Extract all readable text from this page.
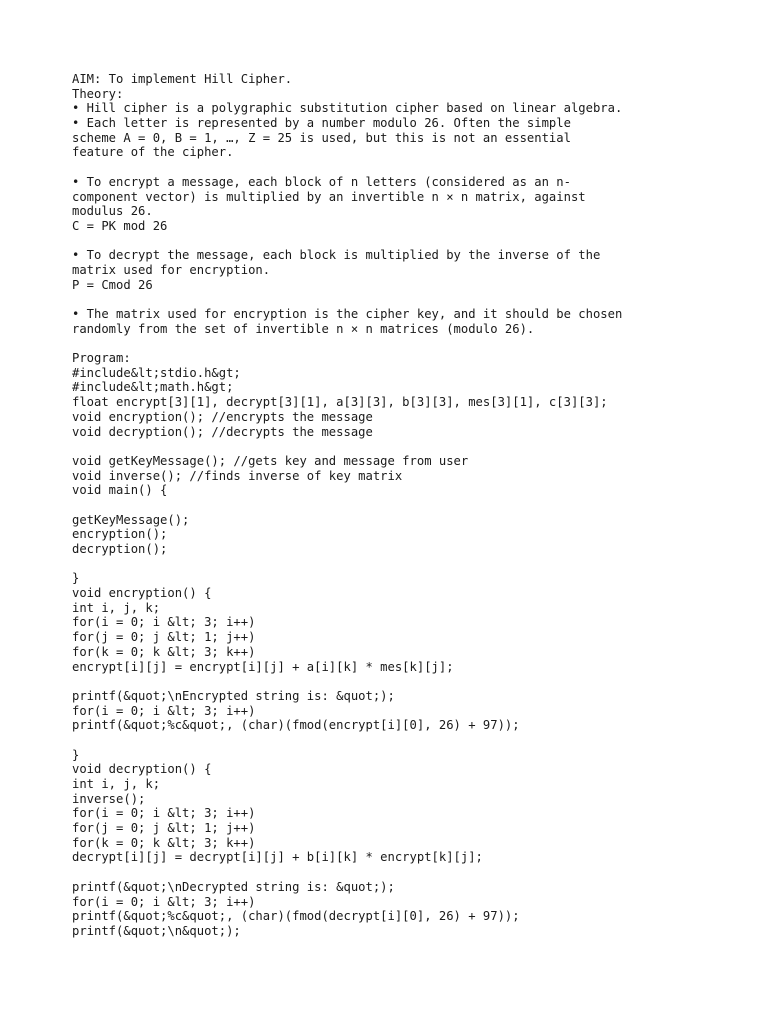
AIM: To implement Hill Cipher.
Theory:
• Hill cipher is a polygraphic substitution cipher based on linear algebra.
• Each letter is represented by a number modulo 26. Often the simple
scheme A = 0, B = 1, …, Z = 25 is used, but this is not an essential
feature of the cipher.
• To encrypt a message, each block of n letters (considered as an n-
component vector) is multiplied by an invertible n × n matrix, against
modulus 26.
C = PK mod 26
• To decrypt the message, each block is multiplied by the inverse of the
matrix used for encryption.
P = Cmod 26
• The matrix used for encryption is the cipher key, and it should be chosen
randomly from the set of invertible n × n matrices (modulo 26).
Program:
#include&lt;stdio.h&gt;
#include&lt;math.h&gt;
float encrypt[3][1], decrypt[3][1], a[3][3], b[3][3], mes[3][1], c[3][3];
void encryption(); //encrypts the message
void decryption(); //decrypts the message
void getKeyMessage(); //gets key and message from user
void inverse(); //finds inverse of key matrix
void main() {
getKeyMessage();
encryption();
decryption();
}
void encryption() {
int i, j, k;
for(i = 0; i &lt; 3; i++)
for(j = 0; j &lt; 1; j++)
for(k = 0; k &lt; 3; k++)
encrypt[i][j] = encrypt[i][j] + a[i][k] * mes[k][j];
printf(&quot;\nEncrypted string is: &quot;);
for(i = 0; i &lt; 3; i++)
printf(&quot;%c&quot;, (char)(fmod(encrypt[i][0], 26) + 97));
}
void decryption() {
int i, j, k;
inverse();
for(i = 0; i &lt; 3; i++)
for(j = 0; j &lt; 1; j++)
for(k = 0; k &lt; 3; k++)
decrypt[i][j] = decrypt[i][j] + b[i][k] * encrypt[k][j];
printf(&quot;\nDecrypted string is: &quot;);
for(i = 0; i &lt; 3; i++)
printf(&quot;%c&quot;, (char)(fmod(decrypt[i][0], 26) + 97));
printf(&quot;\n&quot;);
